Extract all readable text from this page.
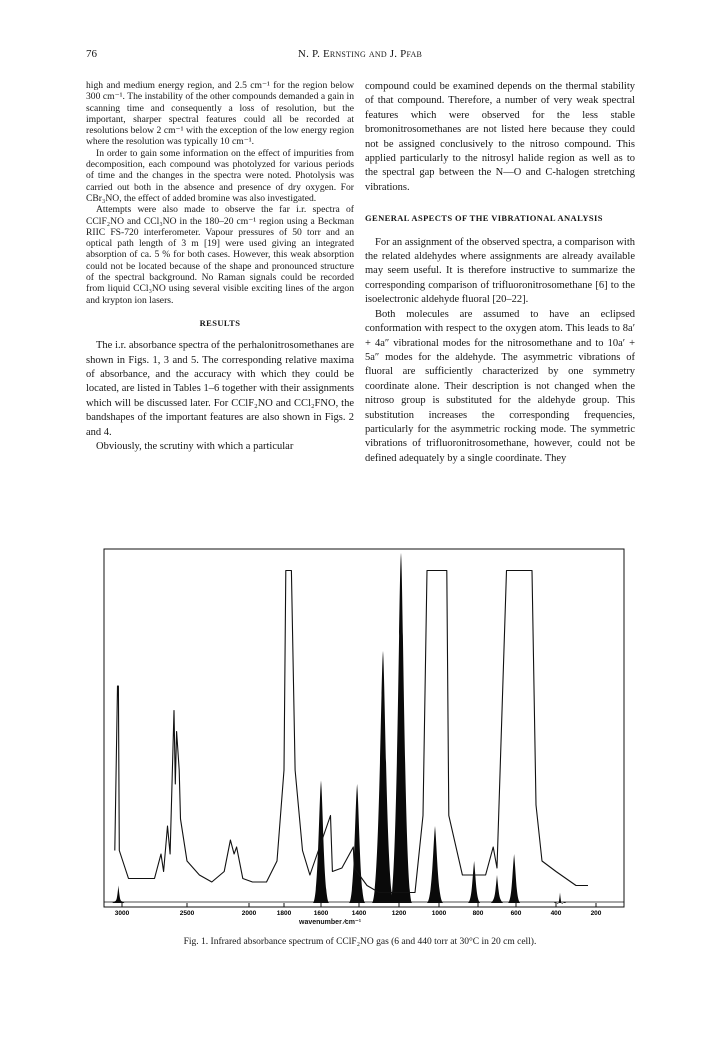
76	N. P. Ernsting and J. Pfab

high and medium energy region, and 2.5 cm⁻¹ for the region below 300 cm⁻¹. The instability of the other compounds demanded a gain in scanning time and consequently a loss of resolution, but the important, sharper spectral features could all be recorded at resolutions below 2 cm⁻¹ with the exception of the low energy region where the resolution was typically 10 cm⁻¹.

In order to gain some information on the effect of impurities from decomposition, each compound was photolyzed for various periods of time and the changes in the spectra were noted. Photolysis was carried out both in the absence and presence of dry oxygen. For CBr₃NO, the effect of added bromine was also investigated.

Attempts were also made to observe the far i.r. spectra of CClF₂NO and CCl₃NO in the 180–20 cm⁻¹ region using a Beckman RIIC FS-720 interferometer. Vapour pressures of 50 torr and an optical path length of 3 m [19] were used giving an integrated absorption of ca. 5 % for both cases. However, this weak absorption could not be located because of the shape and pronounced structure of the spectral background. No Raman signals could be recorded from liquid CCl₃NO using several visible exciting lines of the argon and krypton ion lasers.

RESULTS

The i.r. absorbance spectra of the perhalonitrosomethanes are shown in Figs. 1, 3 and 5. The corresponding relative maxima of absorbance, and the accuracy with which they could be located, are listed in Tables 1–6 together with their assignments which will be discussed later. For CClF₂NO and CCl₂FNO, the bandshapes of the important features are also shown in Figs. 2 and 4.

Obviously, the scrutiny with which a particular

compound could be examined depends on the thermal stability of that compound. Therefore, a number of very weak spectral features which were observed for the less stable bromonitrosomethanes are not listed here because they could not be assigned conclusively to the nitroso compound. This applied particularly to the nitrosyl halide region as well as to the spectral gap between the N—O and C-halogen stretching vibrations.

GENERAL ASPECTS OF THE VIBRATIONAL ANALYSIS

For an assignment of the observed spectra, a comparison with the related aldehydes where assignments are already available may seem useful. It is therefore instructive to summarize the corresponding comparison of trifluoronitrosomethane [6] to the isoelectronic aldehyde fluoral [20–22].

Both molecules are assumed to have an eclipsed conformation with respect to the oxygen atom. This leads to 8a′ + 4a″ vibrational modes for the nitrosomethane and to 10a′ + 5a″ modes for the aldehyde. The asymmetric vibrations of fluoral are sufficiently characterized by one symmetry coordinate alone. Their description is not changed when the nitroso group is substituted for the aldehyde group. This substitution increases the corresponding frequencies, particularly for the asymmetric rocking mode. The symmetric vibrations of trifluoronitrosomethane, however, could not be defined adequately by a single coordinate. They

3000	2500	2000	1800	1600	1400	1200	1000	800	600	400	200
wavenumber ⁄cm⁻¹
Fig. 1. Infrared absorbance spectrum of CClF₂NO gas (6 and 440 torr at 30°C in 20 cm cell).
